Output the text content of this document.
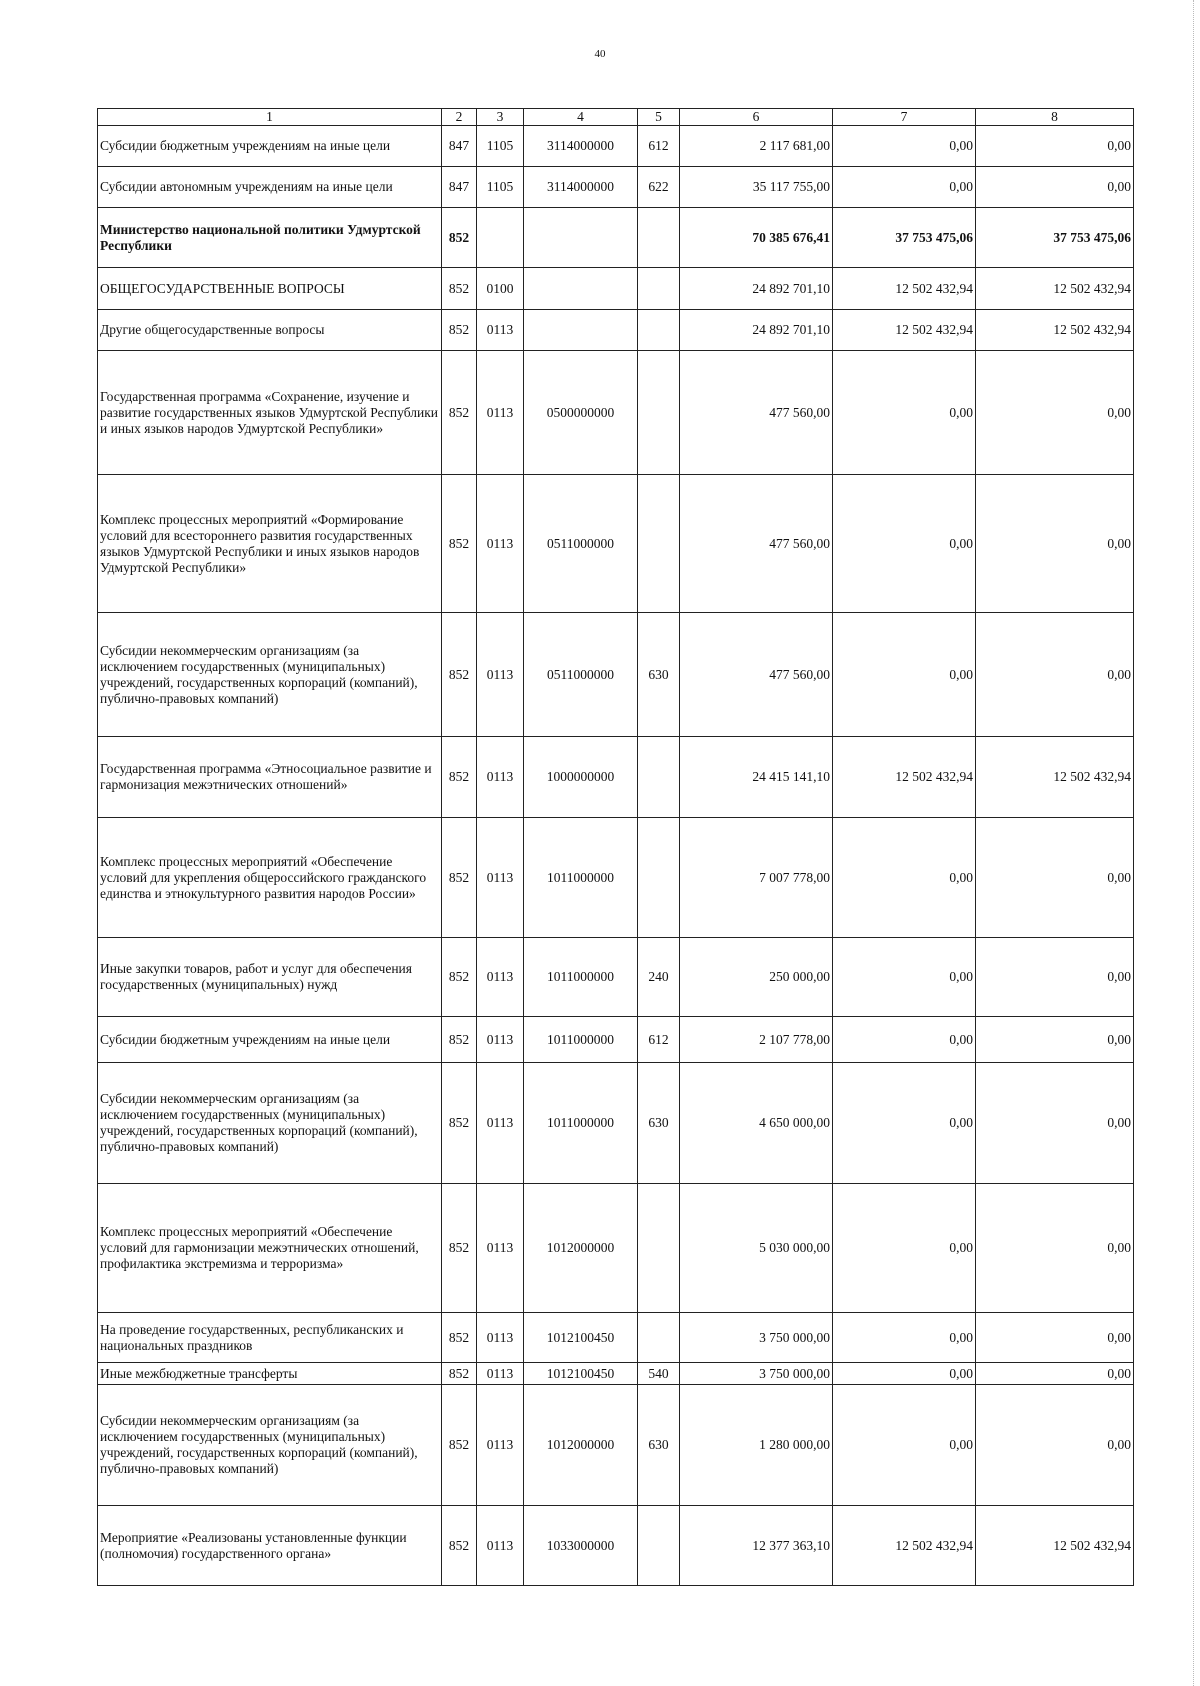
40
1	2	3	4	5	6	7	8
Субсидии бюджетным учреждениям на иные цели	847	1105	3114000000	612	2 117 681,00	0,00	0,00
Субсидии автономным учреждениям на иные цели	847	1105	3114000000	622	35 117 755,00	0,00	0,00
Министерство национальной политики Удмуртской Республики	852				70 385 676,41	37 753 475,06	37 753 475,06
ОБЩЕГОСУДАРСТВЕННЫЕ ВОПРОСЫ	852	0100			24 892 701,10	12 502 432,94	12 502 432,94
Другие общегосударственные вопросы	852	0113			24 892 701,10	12 502 432,94	12 502 432,94
Государственная программа «Сохранение, изучение и развитие государственных языков Удмуртской Республики и иных языков народов Удмуртской Республики»	852	0113	0500000000		477 560,00	0,00	0,00
Комплекс процессных мероприятий «Формирование условий для всестороннего развития государственных языков Удмуртской Республики и иных языков народов Удмуртской Республики»	852	0113	0511000000		477 560,00	0,00	0,00
Субсидии некоммерческим организациям (за исключением государственных (муниципальных) учреждений, государственных корпораций (компаний), публично-правовых компаний)	852	0113	0511000000	630	477 560,00	0,00	0,00
Государственная программа «Этносоциальное развитие и гармонизация межэтнических отношений»	852	0113	1000000000		24 415 141,10	12 502 432,94	12 502 432,94
Комплекс процессных мероприятий «Обеспечение условий для укрепления общероссийского гражданского единства и этнокультурного развития народов России»	852	0113	1011000000		7 007 778,00	0,00	0,00
Иные закупки товаров, работ и услуг для обеспечения государственных (муниципальных) нужд	852	0113	1011000000	240	250 000,00	0,00	0,00
Субсидии бюджетным учреждениям на иные цели	852	0113	1011000000	612	2 107 778,00	0,00	0,00
Субсидии некоммерческим организациям (за исключением государственных (муниципальных) учреждений, государственных корпораций (компаний), публично-правовых компаний)	852	0113	1011000000	630	4 650 000,00	0,00	0,00
Комплекс процессных мероприятий «Обеспечение условий для гармонизации межэтнических отношений, профилактика экстремизма и терроризма»	852	0113	1012000000		5 030 000,00	0,00	0,00
На проведение государственных, республиканских и национальных праздников	852	0113	1012100450		3 750 000,00	0,00	0,00
Иные межбюджетные трансферты	852	0113	1012100450	540	3 750 000,00	0,00	0,00
Субсидии некоммерческим организациям (за исключением государственных (муниципальных) учреждений, государственных корпораций (компаний), публично-правовых компаний)	852	0113	1012000000	630	1 280 000,00	0,00	0,00
Мероприятие «Реализованы установленные функции (полномочия) государственного органа»	852	0113	1033000000		12 377 363,10	12 502 432,94	12 502 432,94
